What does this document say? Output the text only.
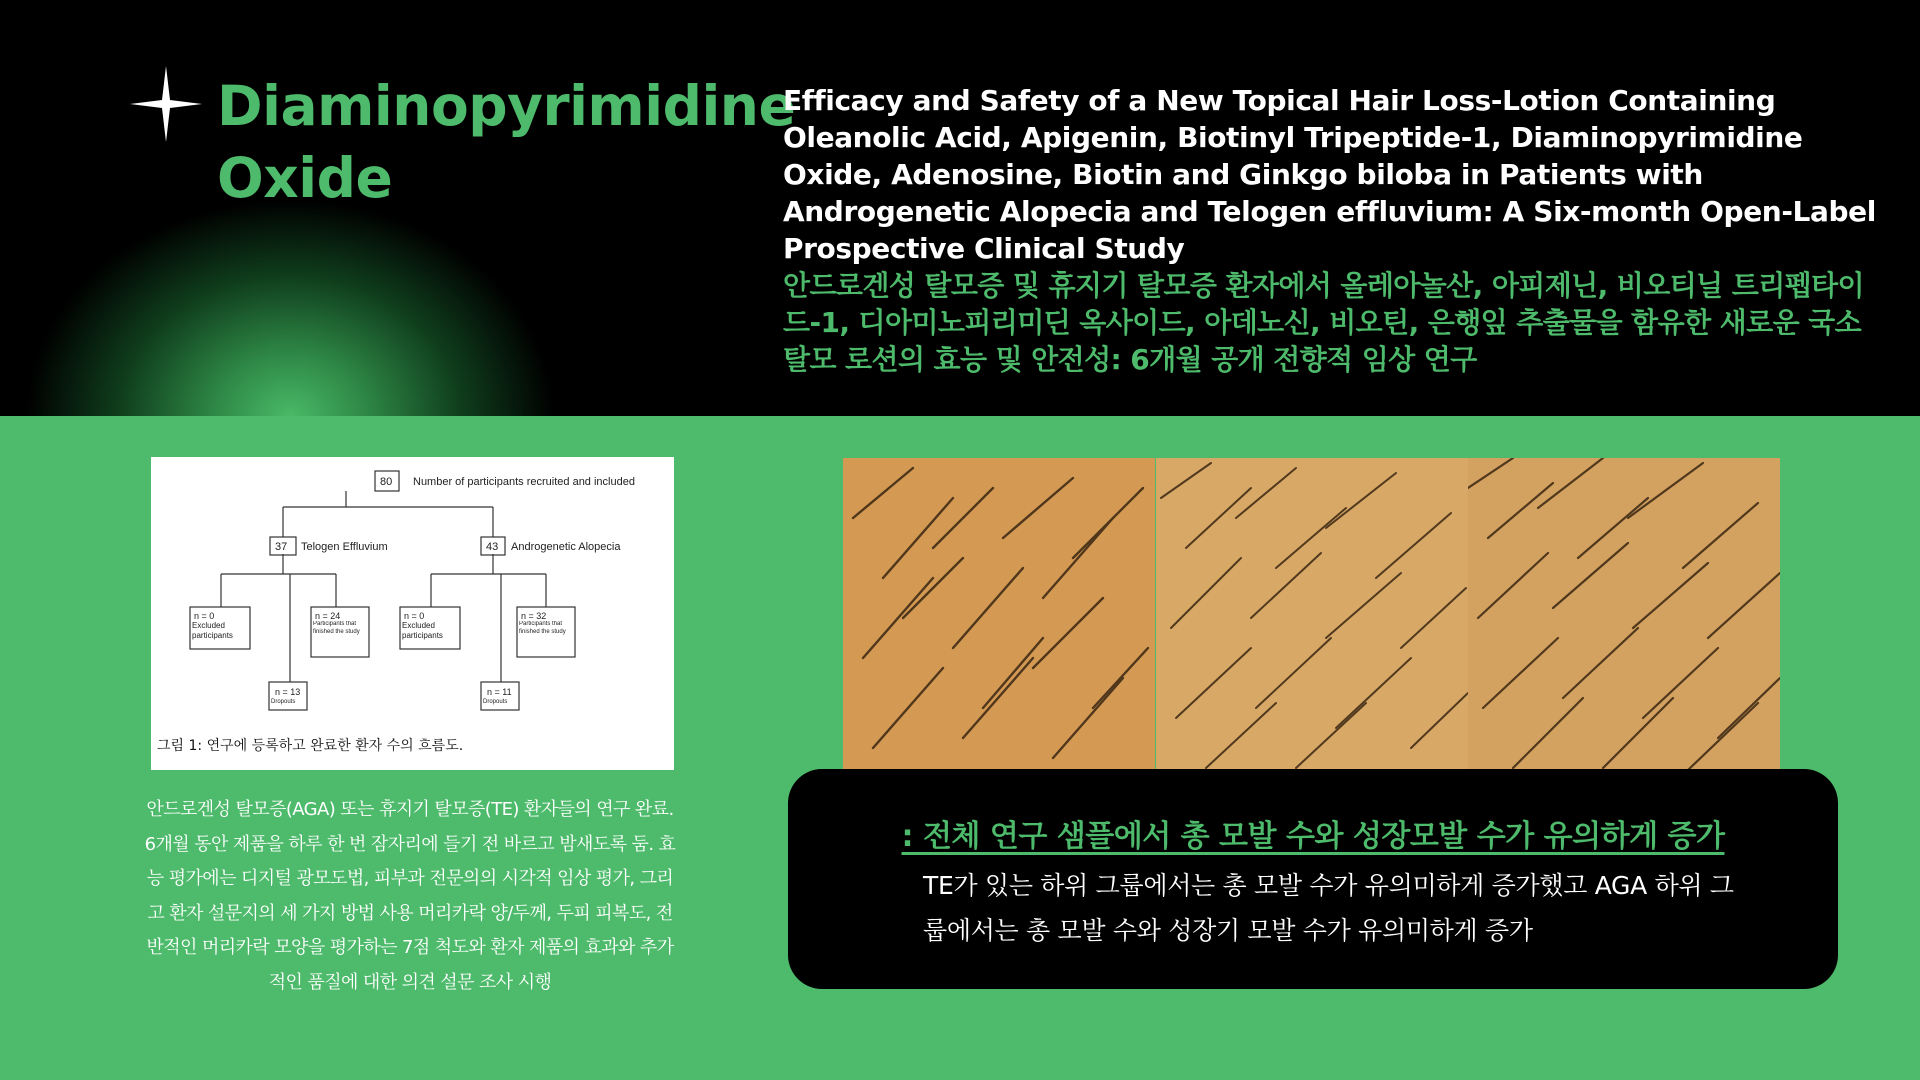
Diaminopyrimidine Oxide

Efficacy and Safety of a New Topical Hair Loss-Lotion Containing Oleanolic Acid, Apigenin, Biotinyl Tripeptide-1, Diaminopyrimidine Oxide, Adenosine, Biotin and Ginkgo biloba in Patients with Androgenetic Alopecia and Telogen effluvium: A Six-month Open-Label Prospective Clinical Study

안드로겐성 탈모증 및 휴지기 탈모증 환자에서 올레아놀산, 아피제닌, 비오티닐 트리펩타이드-1, 디아미노피리미딘 옥사이드, 아데노신, 비오틴, 은행잎 추출물을 함유한 새로운 국소 탈모 로션의 효능 및 안전성: 6개월 공개 전향적 임상 연구

80 Number of participants recruited and included
37 Telogen Effluvium	43 Androgenetic Alopecia
n = 0	n = 24	n = 0	n = 32
n = 13	n = 11
Excluded participants
Participants that finished the study
Excluded participants
Participants that finished the study
Dropouts	Dropouts
그림 1: 연구에 등록하고 완료한 환자 수의 흐름도.

안드로겐성 탈모증(AGA) 또는 휴지기 탈모증(TE) 환자들의 연구 완료. 6개월 동안 제품을 하루 한 번 잠자리에 들기 전 바르고 밤새도록 둠. 효능 평가에는 디지털 광모도법, 피부과 전문의의 시각적 임상 평가, 그리고 환자 설문지의 세 가지 방법 사용 머리카락 양/두께, 두피 피복도, 전반적인 머리카락 모양을 평가하는 7점 척도와 환자 제품의 효과와 추가적인 품질에 대한 의견 설문 조사 시행

: 전체 연구 샘플에서 총 모발 수와 성장모발 수가 유의하게 증가
TE가 있는 하위 그룹에서는 총 모발 수가 유의미하게 증가했고 AGA 하위 그룹에서는 총 모발 수와 성장기 모발 수가 유의미하게 증가
